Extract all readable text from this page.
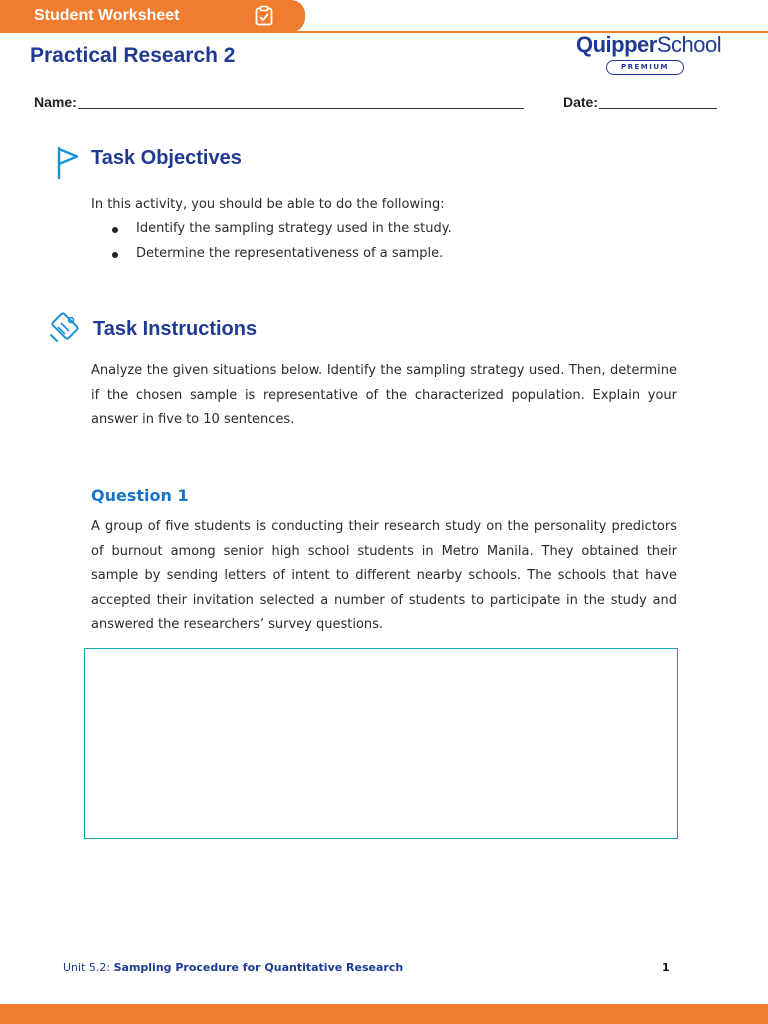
Student Worksheet
Practical Research 2	QuipperSchool
PREMIUM
Name:	Date:
Task Objectives

In this activity, you should be able to do the following:

Identify the sampling strategy used in the study.
Determine the representativeness of a sample.
Task Instructions

Analyze the given situations below. Identify the sampling strategy used. Then, determine if the chosen sample is representative of the characterized population. Explain your answer in five to 10 sentences.

Question 1

A group of five students is conducting their research study on the personality predictors of burnout among senior high school students in Metro Manila. They obtained their sample by sending letters of intent to different nearby schools. The schools that have accepted their invitation selected a number of students to participate in the study and answered the researchers’ survey questions.

Unit 5.2: Sampling Procedure for Quantitative Research	1
